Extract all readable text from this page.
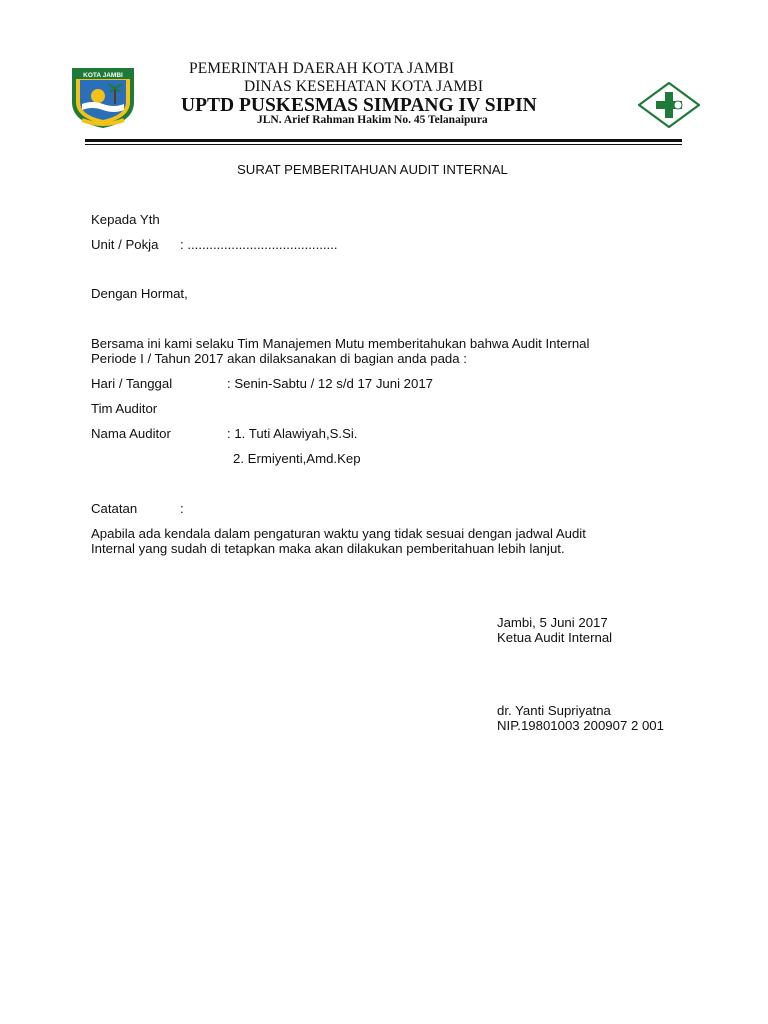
KOTA JAMBI	PEMERINTAH DAERAH KOTA JAMBI
DINAS KESEHATAN KOTA JAMBI
UPTD PUSKESMAS SIMPANG IV SIPIN
JLN. Arief Rahman Hakim No. 45 Telanaipura
SURAT PEMBERITAHUAN AUDIT INTERNAL
Kepada Yth
Unit / Pokja : .........................................
Dengan Hormat,
Bersama ini kami selaku Tim Manajemen Mutu memberitahukan bahwa Audit Internal
Periode I / Tahun 2017 akan dilaksanakan di bagian anda pada :
Hari / Tanggal	: Senin-Sabtu / 12 s/d 17 Juni 2017
Tim Auditor
Nama Auditor	: 1. Tuti Alawiyah,S.Si.
2. Ermiyenti,Amd.Kep
Catatan	:
Apabila ada kendala dalam pengaturan waktu yang tidak sesuai dengan jadwal Audit
Internal yang sudah di tetapkan maka akan dilakukan pemberitahuan lebih lanjut.
Jambi, 5 Juni 2017
Ketua Audit Internal
dr. Yanti Supriyatna
NIP.19801003 200907 2 001
